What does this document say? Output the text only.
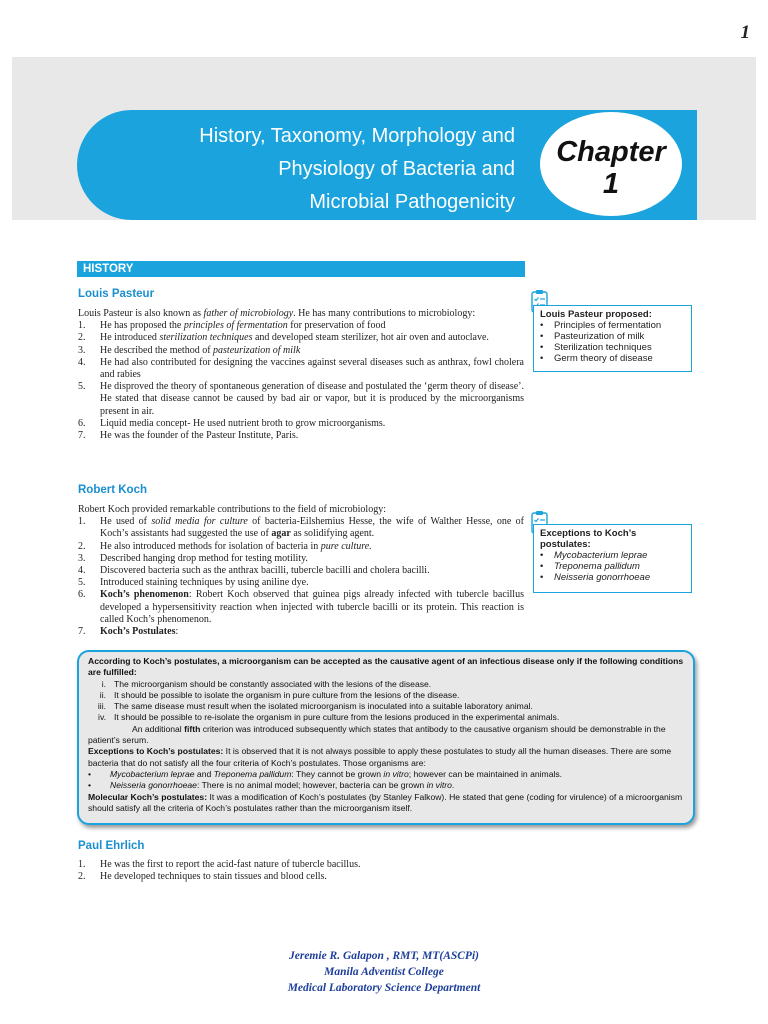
1
History, Taxonomy, Morphology and
Physiology of Bacteria and
Microbial Pathogenicity
Chapter
1
HISTORY
Louis Pasteur

Louis Pasteur is also known as father of microbiology. He has many contributions to microbiology:

1.	He has proposed the principles of fermentation for preservation of food
2.	He introduced sterilization techniques and developed steam sterilizer, hot air oven and autoclave.
3.	He described the method of pasteurization of milk
4.	He had also contributed for designing the vaccines against several diseases such as anthrax, fowl cholera and rabies
5.	He disproved the theory of spontaneous generation of disease and postulated the ‘germ theory of disease’. He stated that disease cannot be caused by bad air or vapor, but it is produced by the microorganisms present in air.
6.	Liquid media concept- He used nutrient broth to grow microorganisms.
7.	He was the founder of the Pasteur Institute, Paris.
Louis Pasteur proposed:
•	Principles of fermentation
•	Pasteurization of milk
•	Sterilization techniques
•	Germ theory of disease
Robert Koch

Robert Koch provided remarkable contributions to the field of microbiology:

1.	He used of solid media for culture of bacteria-Eilshemius Hesse, the wife of Walther Hesse, one of Koch’s assistants had suggested the use of agar as solidifying agent.
2.	He also introduced methods for isolation of bacteria in pure culture.
3.	Described hanging drop method for testing motility.
4.	Discovered bacteria such as the anthrax bacilli, tubercle bacilli and cholera bacilli.
5.	Introduced staining techniques by using aniline dye.
6.	Koch’s phenomenon: Robert Koch observed that guinea pigs already infected with tubercle bacillus developed a hypersensitivity reaction when injected with tubercle bacilli or its protein. This reaction is called Koch’s phenomenon.
7.	Koch’s Postulates:
Exceptions to Koch’s postulates:
•	Mycobacterium leprae
•	Treponema pallidum
•	Neisseria gonorrhoeae

According to Koch’s postulates, a microorganism can be accepted as the causative agent of an infectious disease only if the following conditions are fulfilled:

i. The microorganism should be constantly associated with the lesions of the disease.
ii. It should be possible to isolate the organism in pure culture from the lesions of the disease.
iii. The same disease must result when the isolated microorganism is inoculated into a suitable laboratory animal.
iv. It should be possible to re-isolate the organism in pure culture from the lesions produced in the experimental animals.

An additional fifth criterion was introduced subsequently which states that antibody to the causative organism should be demonstrable in the patient’s serum.

Exceptions to Koch’s postulates: It is observed that it is not always possible to apply these postulates to study all the human diseases. There are some bacteria that do not satisfy all the four criteria of Koch’s postulates. Those organisms are:

•	Mycobacterium leprae and Treponema pallidum: They cannot be grown in vitro; however can be maintained in animals.
•	Neisseria gonorrhoeae: There is no animal model; however, bacteria can be grown in vitro.

Molecular Koch’s postulates: It was a modification of Koch’s postulates (by Stanley Falkow). He stated that gene (coding for virulence) of a microorganism should satisfy all the criteria of Koch’s postulates rather than the microorganism itself.

Paul Ehrlich
1.	He was the first to report the acid-fast nature of tubercle bacillus.
2.	He developed techniques to stain tissues and blood cells.
Jeremie R. Galapon , RMT, MT(ASCPi)
Manila Adventist College
Medical Laboratory Science Department
